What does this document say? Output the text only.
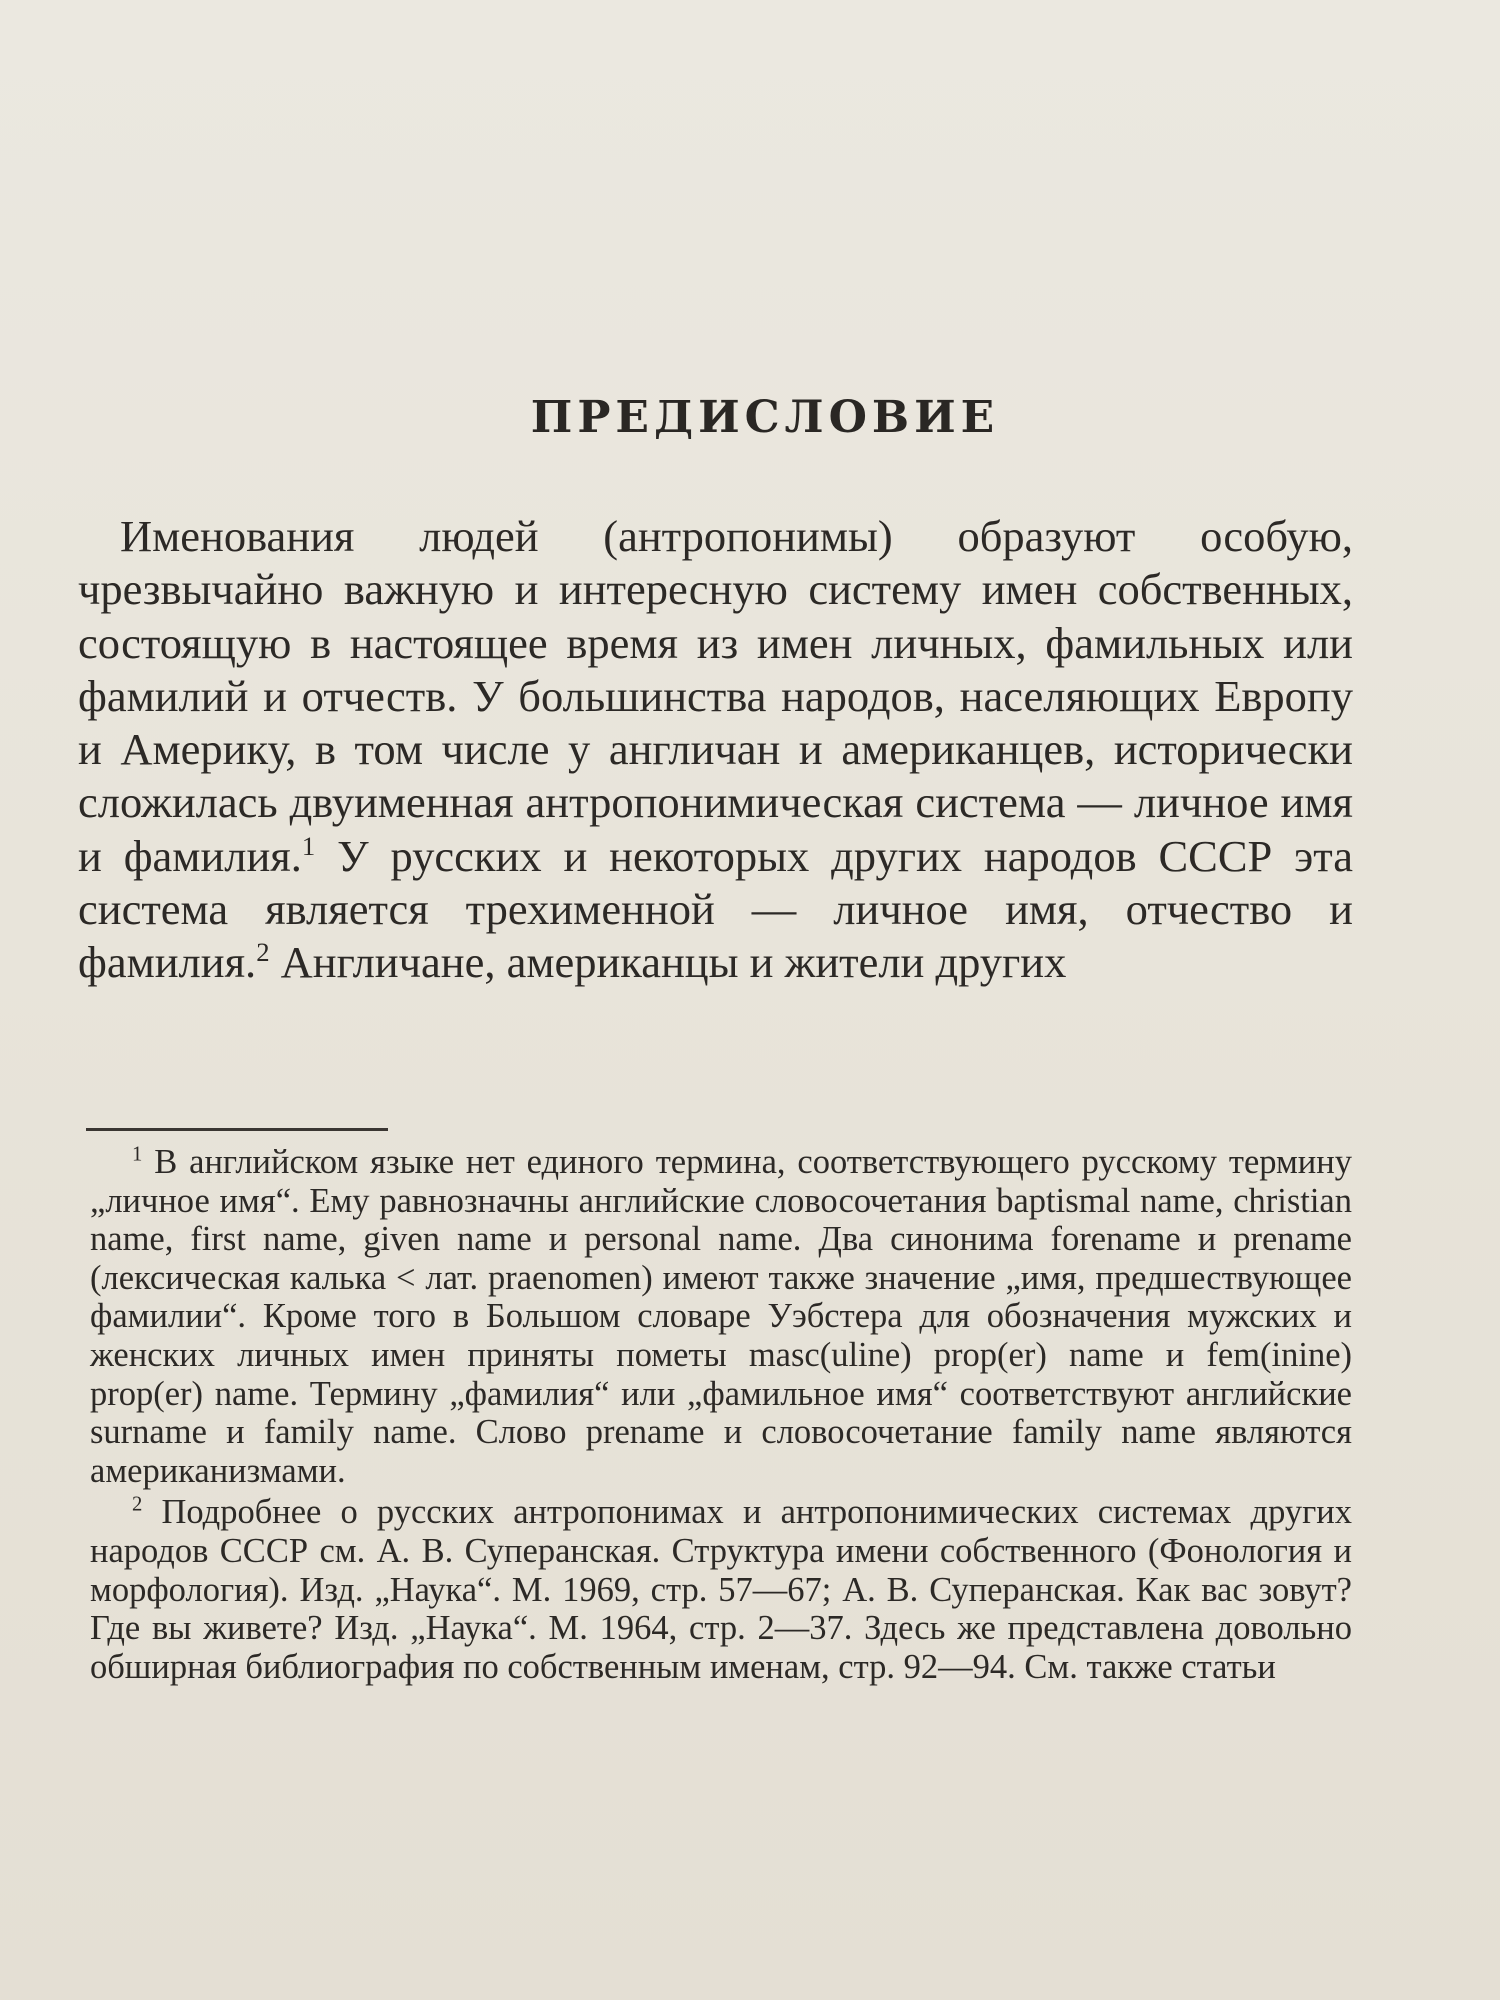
ПРЕДИСЛОВИЕ

Именования людей (антропонимы) образуют особую, чрезвычайно важную и интересную систему имен собственных, состоящую в настоящее время из имен личных, фамильных или фамилий и отчеств. У большинства народов, населяющих Европу и Америку, в том числе у англичан и американцев, исторически сложилась двуименная антропонимическая система — личное имя и фамилия.$^1$ У русских и некоторых других народов СССР эта система является трехименной — личное имя, отчество и фамилия.$^2$ Англичане, американцы и жители других

$^1$ В английском языке нет единого термина, соответствующего русскому термину „личное имя“. Ему равнозначны английские словосочетания baptismal name, christian name, first name, given name и personal name. Два синонима forename и prename (лексическая калька < лат. praenomen) имеют также значение „имя, предшествующее фамилии“. Кроме того в Большом словаре Уэбстера для обозначения мужских и женских личных имен приняты пометы masc(uline) prop(er) name и fem(inine) prop(er) name. Термину „фамилия“ или „фамильное имя“ соответствуют английские surname и family name. Слово prename и словосочетание family name являются американизмами.

$^2$ Подробнее о русских антропонимах и антропонимических системах других народов СССР см. А. В. Суперанская. Структура имени собственного (Фонология и морфология). Изд. „Наука“. М. 1969, стр. 57—67; А. В. Суперанская. Как вас зовут? Где вы живете? Изд. „Наука“. М. 1964, стр. 2—37. Здесь же представлена довольно обширная библиография по собственным именам, стр. 92—94. См. также статьи
